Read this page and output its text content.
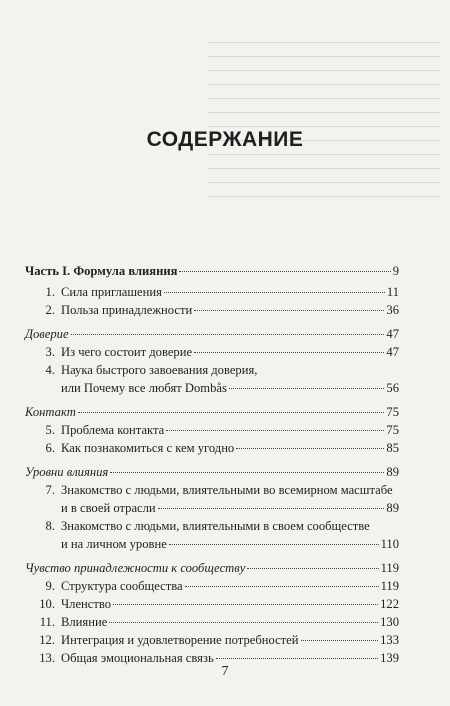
СОДЕРЖАНИЕ
Часть I. Формула влияния	9
1. Сила приглашения	11
2. Польза принадлежности	36
Доверие	47
3. Из чего состоит доверие	47
4. Наука быстрого завоевания доверия,
или Почему все любят Dombås	56
Контакт	75
5. Проблема контакта	75
6. Как познакомиться с кем угодно	85
Уровни влияния	89
7. Знакомство с людьми, влиятельными во всемирном масштабе
и в своей отрасли	89
8. Знакомство с людьми, влиятельными в своем сообществе
и на личном уровне	110
Чувство принадлежности к сообществу	119
9. Структура сообщества	119
10. Членство	122
11. Влияние	130
12. Интеграция и удовлетворение потребностей	133
13. Общая эмоциональная связь	139
7
